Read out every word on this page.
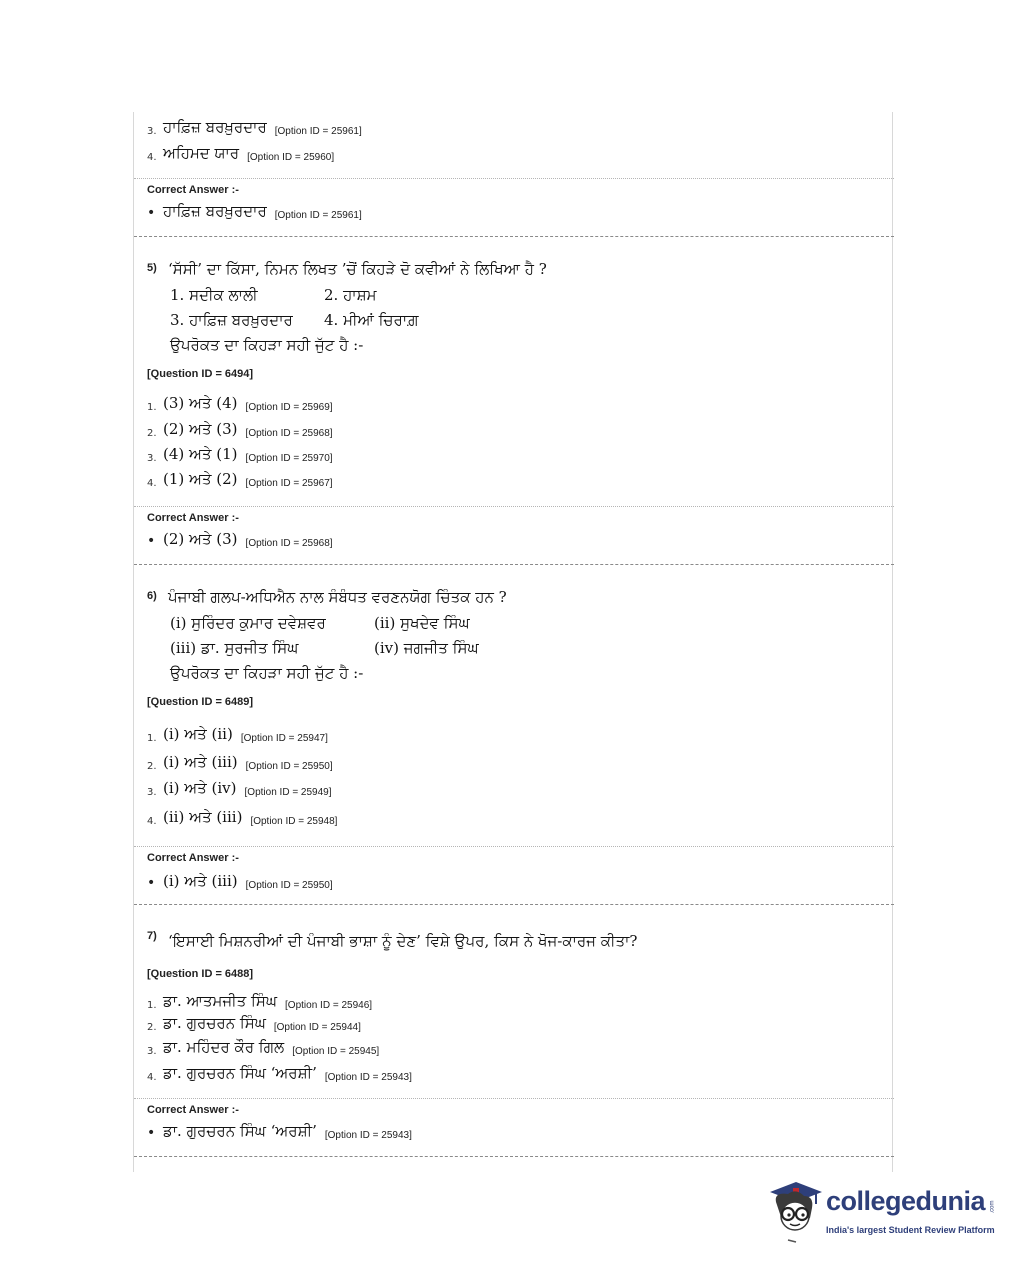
3. ਹਾਫ਼ਿਜ਼ ਬਰਖ਼ੁਰਦਾਰ [Option ID = 25961]
4. ਅਹਿਮਦ ਯਾਰ [Option ID = 25960]
Correct Answer :-
• ਹਾਫ਼ਿਜ਼ ਬਰਖ਼ੁਰਦਾਰ [Option ID = 25961]
5) ‘ਸੱਸੀ’ ਦਾ ਕਿੱਸਾ, ਨਿਮਨ ਲਿਖਤ ’ਚੋਂ ਕਿਹੜੇ ਦੋ ਕਵੀਆਂ ਨੇ ਲਿਖਿਆ ਹੈ ?
1. ਸਦੀਕ ਲਾਲੀ	2. ਹਾਸ਼ਮ
3. ਹਾਫ਼ਿਜ਼ ਬਰਖ਼ੁਰਦਾਰ 4. ਮੀਆਂ ਚਿਰਾਗ਼
ਉਪਰੋਕਤ ਦਾ ਕਿਹੜਾ ਸਹੀ ਜੁੱਟ ਹੈ :-
[Question ID = 6494]
1. (3) ਅਤੇ (4) [Option ID = 25969]
2. (2) ਅਤੇ (3) [Option ID = 25968]
3. (4) ਅਤੇ (1) [Option ID = 25970]
4. (1) ਅਤੇ (2) [Option ID = 25967]
Correct Answer :-
• (2) ਅਤੇ (3) [Option ID = 25968]
6) ਪੰਜਾਬੀ ਗਲਪ-ਅਧਿਐਨ ਨਾਲ ਸੰਬੰਧਤ ਵਰਣਨਯੋਗ ਚਿੰਤਕ ਹਨ ?
(i) ਸੁਰਿੰਦਰ ਕੁਮਾਰ ਦਵੇਸ਼ਵਰ	(ii) ਸੁਖਦੇਵ ਸਿੰਘ
(iii) ਡਾ. ਸੁਰਜੀਤ ਸਿੰਘ	(iv) ਜਗਜੀਤ ਸਿੰਘ
ਉਪਰੋਕਤ ਦਾ ਕਿਹੜਾ ਸਹੀ ਜੁੱਟ ਹੈ :-
[Question ID = 6489]
1. (i) ਅਤੇ (ii) [Option ID = 25947]
2. (i) ਅਤੇ (iii) [Option ID = 25950]
3. (i) ਅਤੇ (iv) [Option ID = 25949]
4. (ii) ਅਤੇ (iii) [Option ID = 25948]
Correct Answer :-
• (i) ਅਤੇ (iii) [Option ID = 25950]
7) ‘ਇਸਾਈ ਮਿਸ਼ਨਰੀਆਂ ਦੀ ਪੰਜਾਬੀ ਭਾਸ਼ਾ ਨੂੰ ਦੇਣ’ ਵਿਸ਼ੇ ਉਪਰ, ਕਿਸ ਨੇ ਖੋਜ-ਕਾਰਜ ਕੀਤਾ?
[Question ID = 6488]
1. ਡਾ. ਆਤਮਜੀਤ ਸਿੰਘ [Option ID = 25946]
2. ਡਾ. ਗੁਰਚਰਨ ਸਿੰਘ [Option ID = 25944]
3. ਡਾ. ਮਹਿੰਦਰ ਕੌਰ ਗਿਲ [Option ID = 25945]
4. ਡਾ. ਗੁਰਚਰਨ ਸਿੰਘ ‘ਅਰਸ਼ੀ’ [Option ID = 25943]
Correct Answer :-
• ਡਾ. ਗੁਰਚਰਨ ਸਿੰਘ ‘ਅਰਸ਼ੀ’ [Option ID = 25943]
collegedunia .com
India's largest Student Review Platform
